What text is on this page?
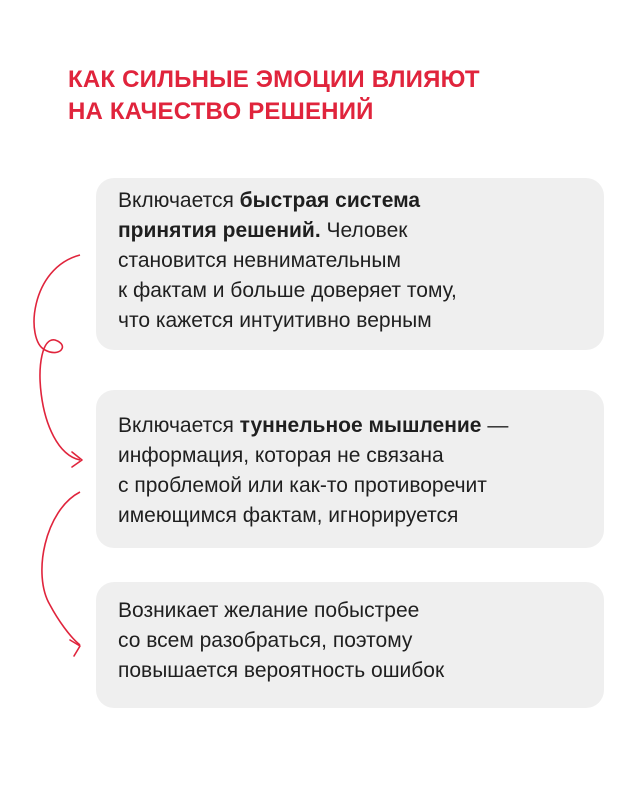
КАК СИЛЬНЫЕ ЭМОЦИИ ВЛИЯЮТ
НА КАЧЕСТВО РЕШЕНИЙ
Включается быстрая система
принятия решений. Человек
становится невнимательным
к фактам и больше доверяет тому,
что кажется интуитивно верным
Включается туннельное мышление —
информация, которая не связана
с проблемой или как-то противоречит
имеющимся фактам, игнорируется
Возникает желание побыстрее
со всем разобраться, поэтому
повышается вероятность ошибок
